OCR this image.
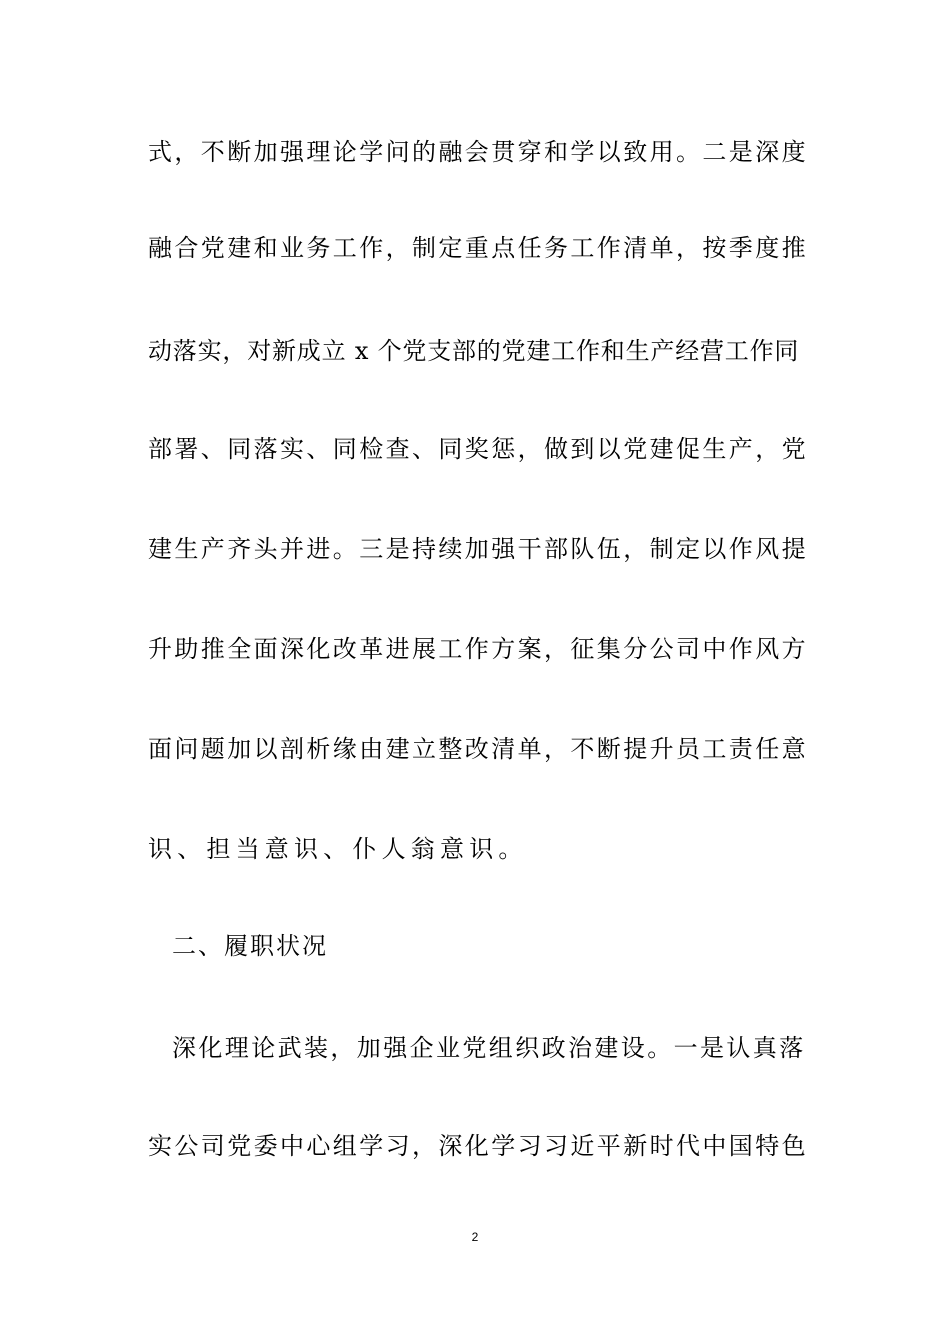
式，不断加强理论学问的融会贯穿和学以致用。二是深度
融合党建和业务工作，制定重点任务工作清单，按季度推
动落实，对新成立 x 个党支部的党建工作和生产经营工作同
部署、同落实、同检查、同奖惩，做到以党建促生产，党
建生产齐头并进。三是持续加强干部队伍，制定以作风提
升助推全面深化改革进展工作方案，征集分公司中作风方
面问题加以剖析缘由建立整改清单，不断提升员工责任意
识、担当意识、仆人翁意识。
二、履职状况
深化理论武装，加强企业党组织政治建设。一是认真落
实公司党委中心组学习，深化学习习近平新时代中国特色
2
